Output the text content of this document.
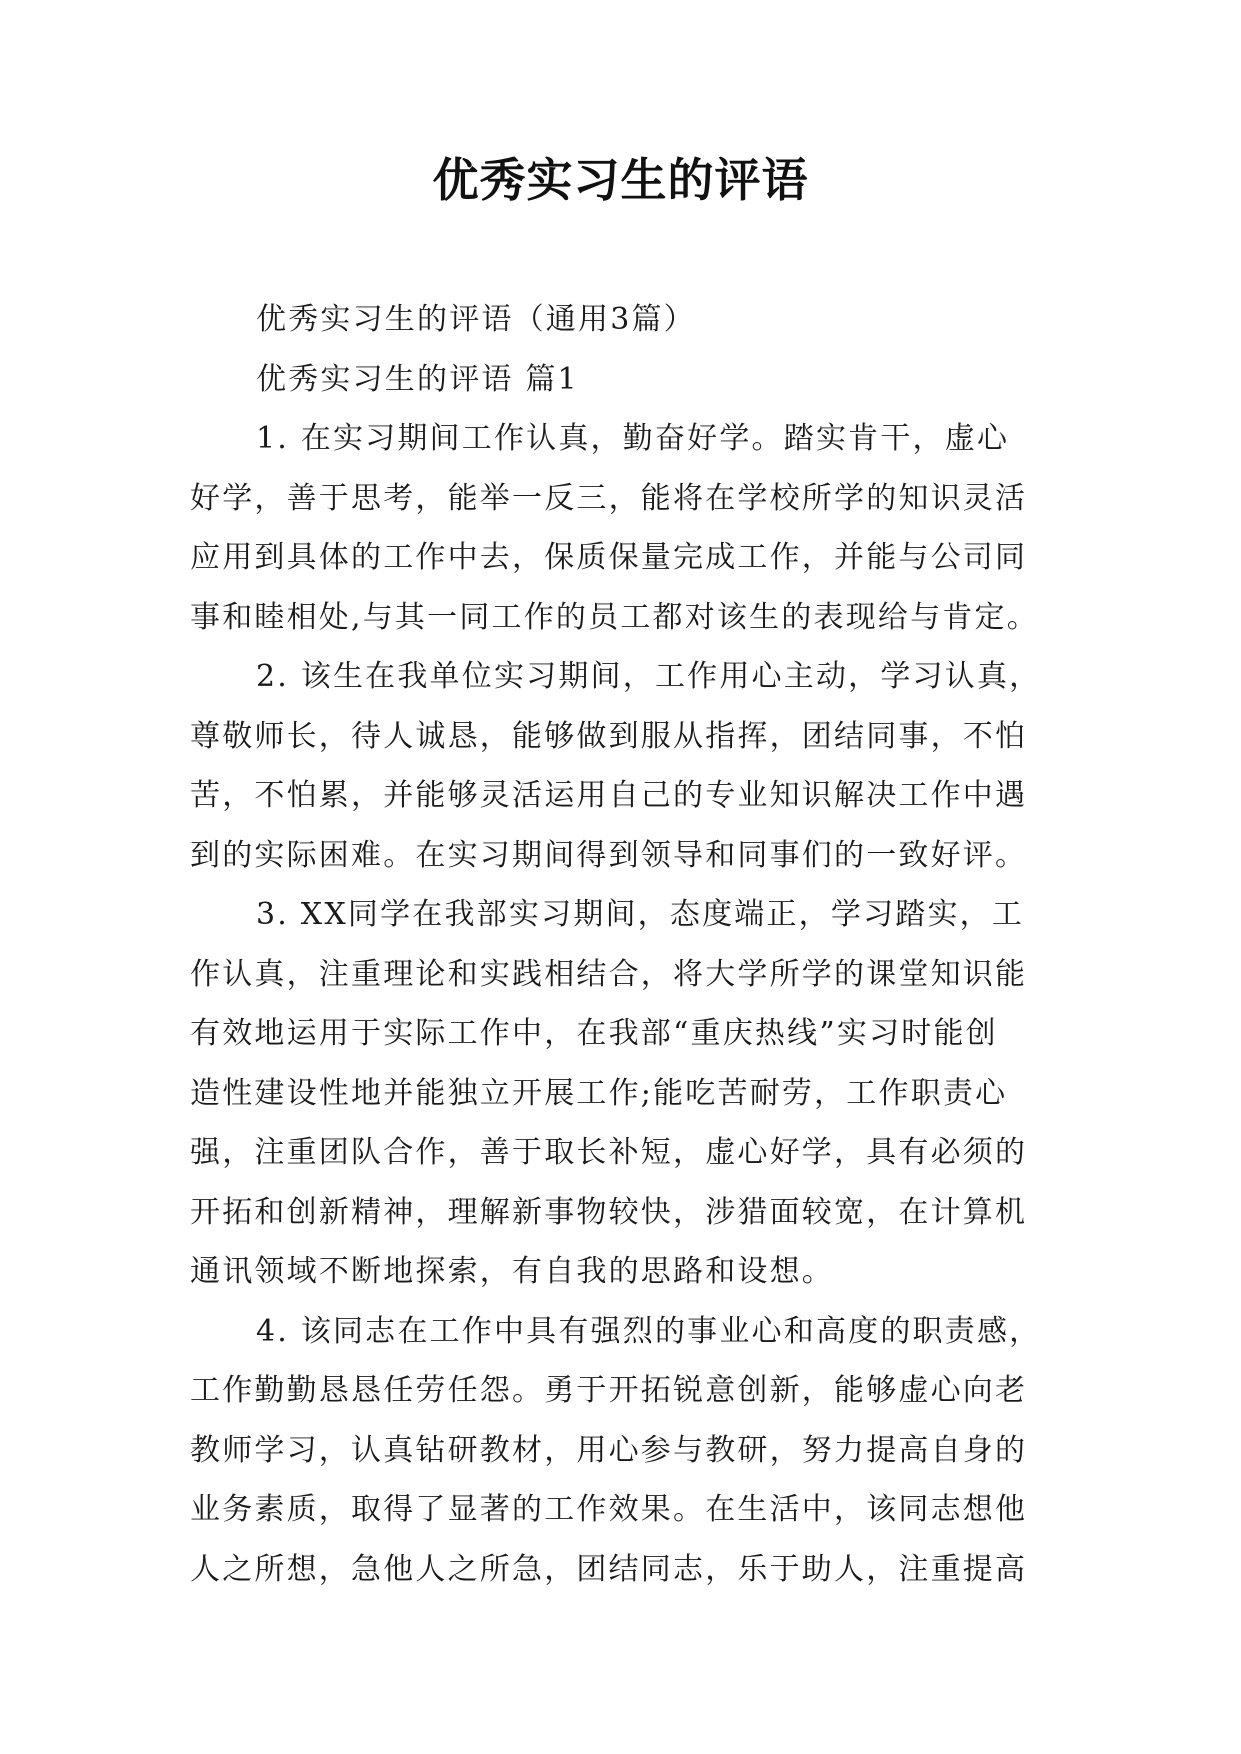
优秀实习生的评语
优秀实习生的评语（通用3篇）
优秀实习生的评语 篇1
1. 在实习期间工作认真，勤奋好学。踏实肯干，虚心
好学，善于思考，能举一反三，能将在学校所学的知识灵活
应用到具体的工作中去，保质保量完成工作，并能与公司同
事和睦相处,与其一同工作的员工都对该生的表现给与肯定。
2. 该生在我单位实习期间，工作用心主动，学习认真，
尊敬师长，待人诚恳，能够做到服从指挥，团结同事，不怕
苦，不怕累，并能够灵活运用自己的专业知识解决工作中遇
到的实际困难。在实习期间得到领导和同事们的一致好评。
3. XX同学在我部实习期间，态度端正，学习踏实，工
作认真，注重理论和实践相结合，将大学所学的课堂知识能
有效地运用于实际工作中，在我部“重庆热线”实习时能创
造性建设性地并能独立开展工作;能吃苦耐劳，工作职责心
强，注重团队合作，善于取长补短，虚心好学，具有必须的
开拓和创新精神，理解新事物较快，涉猎面较宽，在计算机
通讯领域不断地探索，有自我的思路和设想。
4. 该同志在工作中具有强烈的事业心和高度的职责感，
工作勤勤恳恳任劳任怨。勇于开拓锐意创新，能够虚心向老
教师学习，认真钻研教材，用心参与教研，努力提高自身的
业务素质，取得了显著的工作效果。在生活中，该同志想他
人之所想，急他人之所急，团结同志，乐于助人，注重提高
